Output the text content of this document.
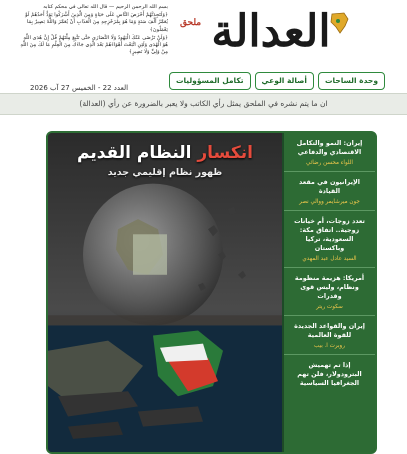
بسم الله الرحمن الرحيم — قال الله تعالى في محكم كتابه

﴿وَلَتَجِدَنَّهُمْ أَحْرَصَ النَّاسِ عَلَى حَيَاةٍ وَمِنَ الَّذِينَ أَشْرَكُوا يَوَدُّ أَحَدُهُمْ لَوْ يُعَمَّرُ أَلْفَ سَنَةٍ وَمَا هُوَ بِمُزَحْزِحِهِ مِنَ الْعَذَابِ أَنْ يُعَمَّرَ وَاللَّهُ بَصِيرٌ بِمَا يَعْمَلُونَ﴾

﴿وَلَنْ تَرْضَى عَنْكَ الْيَهُودُ وَلَا النَّصَارَى حَتَّى تَتَّبِعَ مِلَّتَهُمْ قُلْ إِنَّ هُدَى اللَّهِ هُوَ الْهُدَى وَلَئِنِ اتَّبَعْتَ أَهْوَاءَهُمْ بَعْدَ الَّذِي جَاءَكَ مِنَ الْعِلْمِ مَا لَكَ مِنَ اللَّهِ مِنْ وَلِيٍّ وَلَا نَصِيرٍ﴾

العدد 22 - الخميس 27 آب 2026
العدالة
ملحق
وحدة الساحات
أصالة الوعي
تكامل المسؤوليات
ان ما يتم نشره في الملحق يمثل رأي الكاتب ولا يعبر بالضرورة عن رأي (العدالة)
انكسار النظام القديم
ظهور نظام إقليمي جديد
إيران: النمو والتكامل الاقتصادي والدفاعي
اللواء محسن رضائي
الإيرانيون في مقعد القيادة
جون ميرشايمر ووالي نصر
تعدد زوجات، أم خيانات زوجية.. اتفاق مكة: السعودية، تركيا وباكستان
السيد عادل عبد المهدي
أمريكا: هزيمة منظومة ونظام، وليس قوى وقدرات
سكوت ريتر
إيران والقواعد الجديدة للقوة العالمية
روبرت ا. بيب
إذا تم تهميش البترودولار، فلن تهم الجغرافيا السياسية
